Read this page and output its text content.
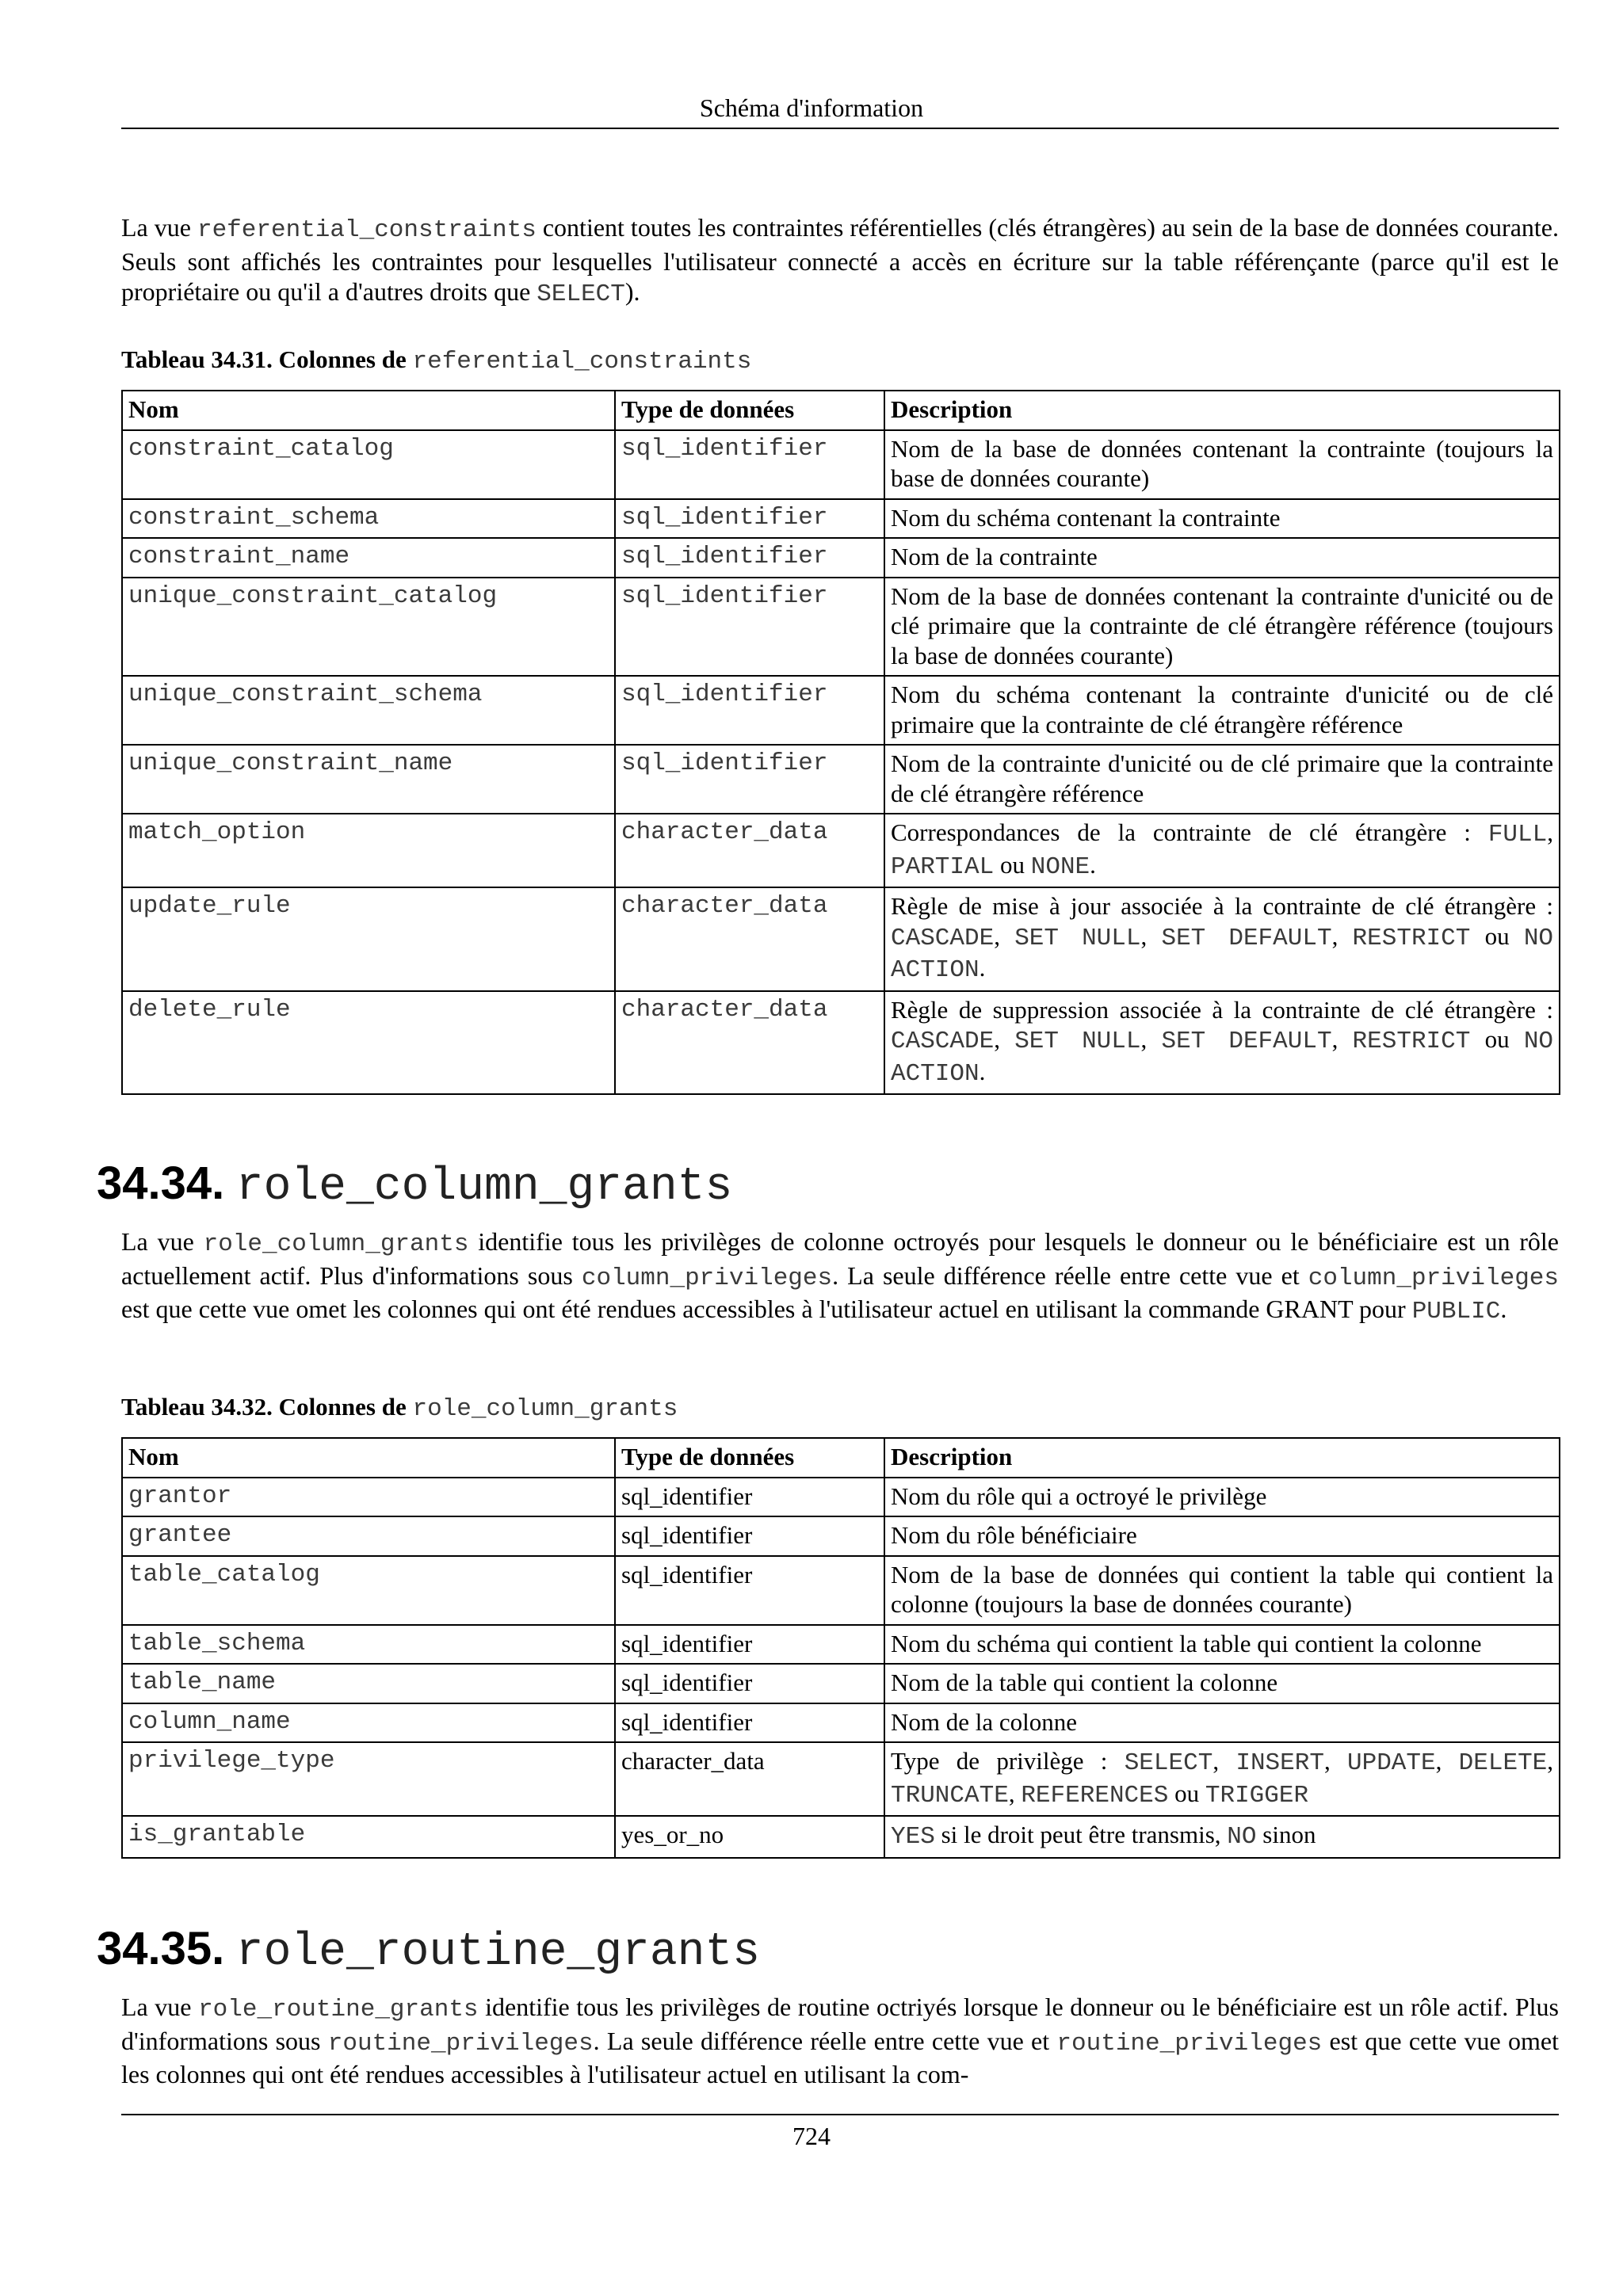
Schéma d'information
La vue referential_constraints contient toutes les contraintes référentielles (clés étrangères) au sein de la base de données courante. Seuls sont affichés les contraintes pour lesquelles l'utilisateur connecté a accès en écriture sur la table référençante (parce qu'il est le propriétaire ou qu'il a d'autres droits que SELECT).
Tableau 34.31. Colonnes de referential_constraints
Nom	Type de données	Description
constraint_catalog	sql_identifier	Nom de la base de données contenant la contrainte (toujours la base de données courante)
constraint_schema	sql_identifier	Nom du schéma contenant la contrainte
constraint_name	sql_identifier	Nom de la contrainte
unique_constraint_catalog	sql_identifier	Nom de la base de données contenant la contrainte d'unicité ou de clé primaire que la contrainte de clé étrangère référence (toujours la base de données courante)
unique_constraint_schema	sql_identifier	Nom du schéma contenant la contrainte d'unicité ou de clé primaire que la contrainte de clé étrangère référence
unique_constraint_name	sql_identifier	Nom de la contrainte d'unicité ou de clé primaire que la contrainte de clé étrangère référence
match_option	character_data	Correspondances de la contrainte de clé étrangère : FULL, PARTIAL ou NONE.
update_rule	character_data	Règle de mise à jour associée à la contrainte de clé étrangère : CASCADE, SET NULL, SET DEFAULT, RESTRICT ou NO ACTION.
delete_rule	character_data	Règle de suppression associée à la contrainte de clé étrangère : CASCADE, SET NULL, SET DEFAULT, RESTRICT ou NO ACTION.
34.34. role_column_grants
La vue role_column_grants identifie tous les privilèges de colonne octroyés pour lesquels le donneur ou le bénéficiaire est un rôle actuellement actif. Plus d'informations sous column_privileges. La seule différence réelle entre cette vue et column_privileges est que cette vue omet les colonnes qui ont été rendues accessibles à l'utilisateur actuel en utilisant la commande GRANT pour PUBLIC.
Tableau 34.32. Colonnes de role_column_grants
Nom	Type de données	Description
grantor	sql_identifier	Nom du rôle qui a octroyé le privilège
grantee	sql_identifier	Nom du rôle bénéficiaire
table_catalog	sql_identifier	Nom de la base de données qui contient la table qui contient la colonne (toujours la base de données courante)
table_schema	sql_identifier	Nom du schéma qui contient la table qui contient la colonne
table_name	sql_identifier	Nom de la table qui contient la colonne
column_name	sql_identifier	Nom de la colonne
privilege_type	character_data	Type de privilège : SELECT, INSERT, UPDATE, DELETE, TRUNCATE, REFERENCES ou TRIGGER
is_grantable	yes_or_no	YES si le droit peut être transmis, NO sinon
34.35. role_routine_grants
La vue role_routine_grants identifie tous les privilèges de routine octriyés lorsque le donneur ou le bénéficiaire est un rôle actif. Plus d'informations sous routine_privileges. La seule différence réelle entre cette vue et routine_privileges est que cette vue omet les colonnes qui ont été rendues accessibles à l'utilisateur actuel en utilisant la com-
724
